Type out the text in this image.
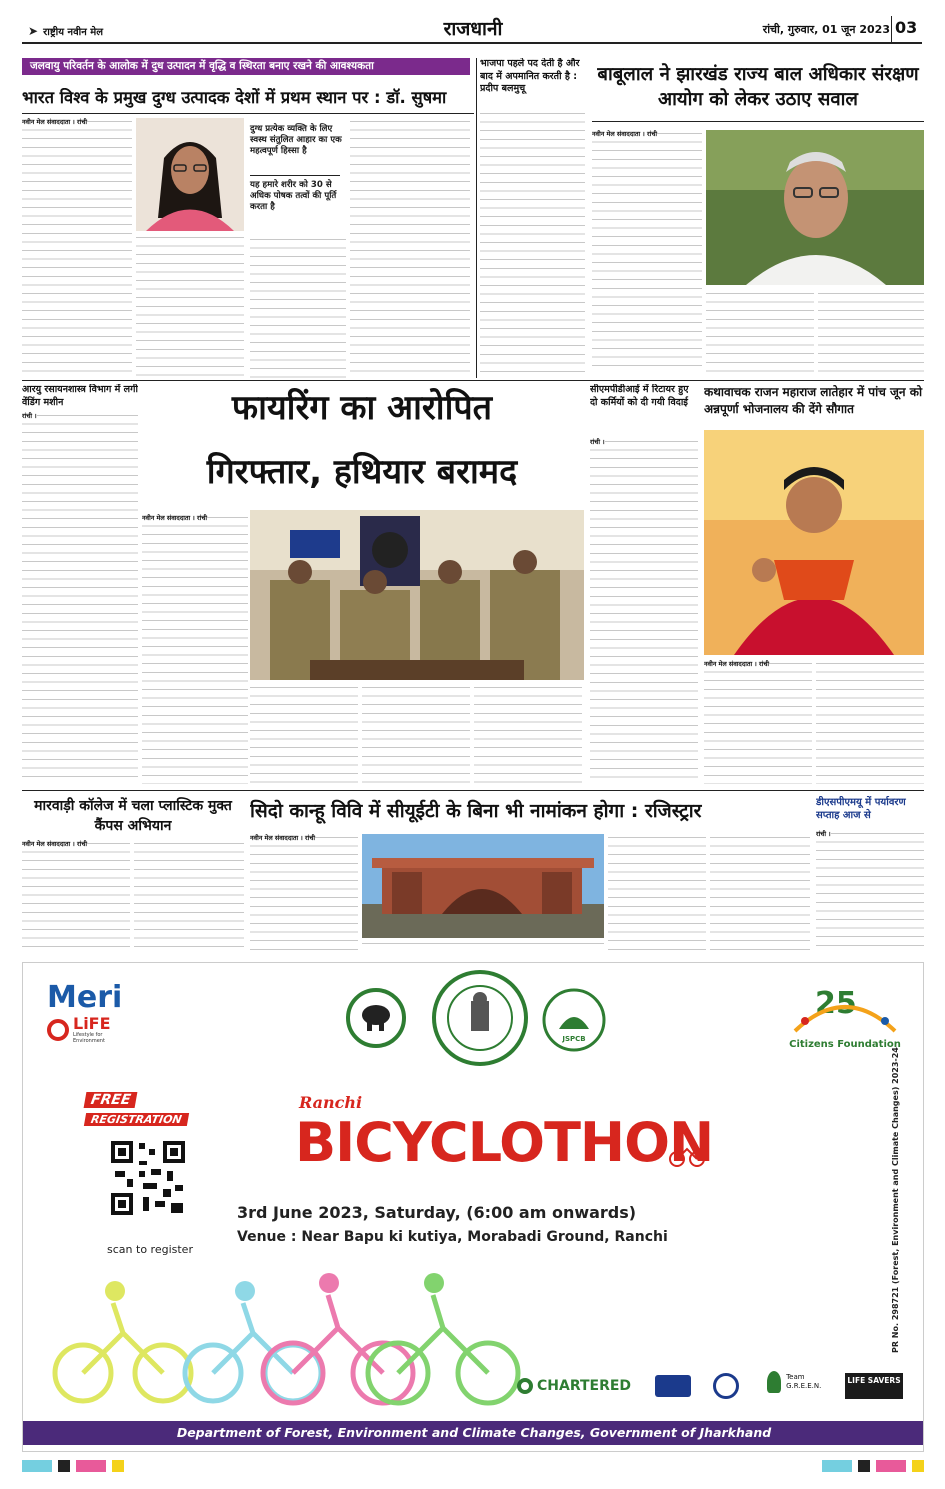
➤ राष्ट्रीय नवीन मेल	राजधानी	रांची, गुरुवार, 01 जून 2023 03
जलवायु परिवर्तन के आलोक में दुध उत्पादन में वृद्धि व स्थिरता बनाए रखने की आवश्यकता
भारत विश्व के प्रमुख दुग्ध उत्पादक देशों में प्रथम स्थान पर : डॉ. सुषमा
नवीन मेल संवाददाता । रांची
दुग्ध प्रत्येक व्यक्ति के लिए स्वस्थ संतुलित आहार का एक महत्वपूर्ण हिस्सा है
यह हमारे शरीर को 30 से अधिक पोषक तत्वों की पूर्ति करता है
भाजपा पहले पद देती है और बाद में अपमानित करती है : प्रदीप बलमुचू
बाबूलाल ने झारखंड राज्य बाल अधिकार संरक्षण आयोग को लेकर उठाए सवाल
नवीन मेल संवाददाता । रांची
आरयु रसायनशास्त्र विभाग में लगी वेंडिंग मशीन
रांची ।	फायरिंग का आरोपित
गिरफ्तार, हथियार बरामद
नवीन मेल संवाददाता । रांची
सीएमपीडीआई में रिटायर हुए दो कर्मियों को दी गयी विदाई
रांची ।
कथावाचक राजन महाराज लातेहार में पांच जून को अन्नपूर्णा भोजनालय की देंगे सौगात
नवीन मेल संवाददाता । रांची
मारवाड़ी कॉलेज में चला प्लास्टिक मुक्त कैंपस अभियान
नवीन मेल संवाददाता । रांची
सिदो कान्हू विवि में सीयूईटी के बिना भी नामांकन होगा : रजिस्ट्रार
नवीन मेल संवाददाता । रांची
डीएसपीएमयू में पर्यावरण सप्ताह आज से
रांची ।
Meri
LiFE
Lifestyle for Environment	JSPCB
25
Citizens Foundation
FREE REGISTRATION
scan to register
Ranchi
BICYCLOTHON
3rd June 2023, Saturday, (6:00 am onwards)
Venue : Near Bapu ki kutiya, Morabadi Ground, Ranchi
CHARTERED
Team
G.R.E.E.N.
LIFE SAVERS
PR No. 298721 (Forest, Environment and Climate Changes) 2023-24
Department of Forest, Environment and Climate Changes, Government of Jharkhand
